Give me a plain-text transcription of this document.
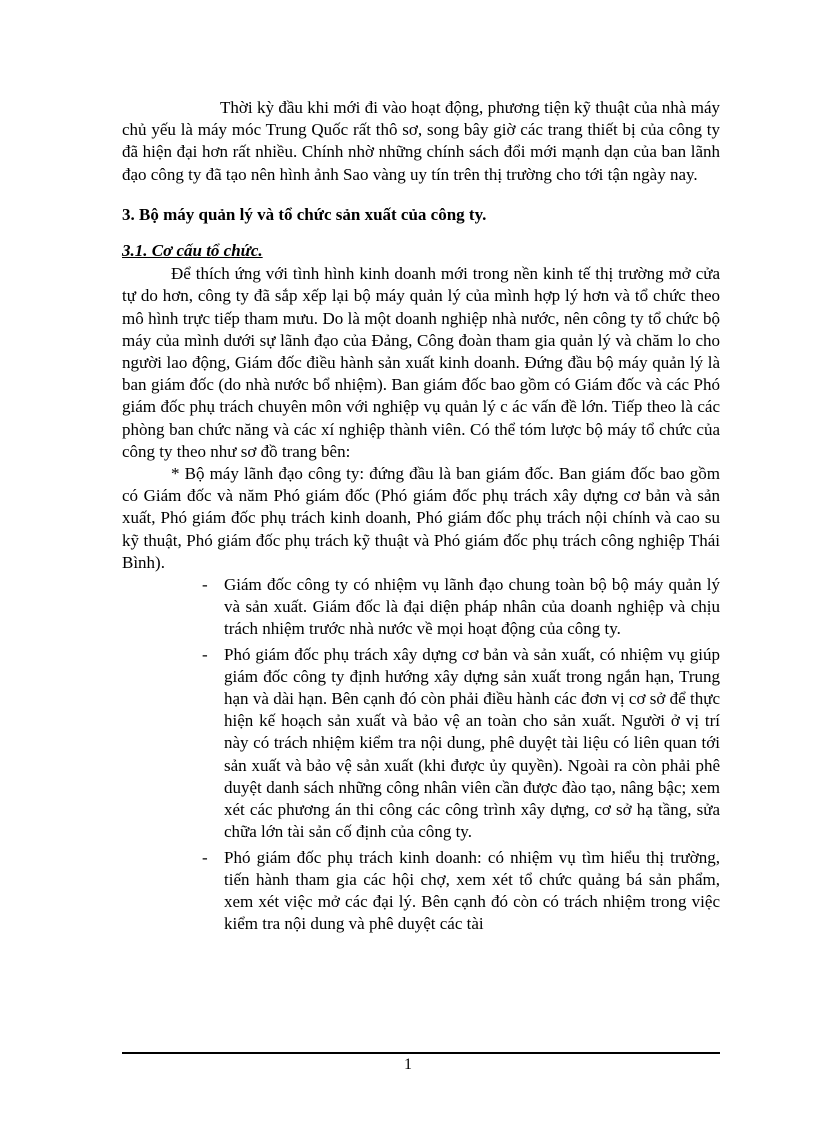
Thời kỳ đầu khi mới đi vào hoạt động, phương tiện kỹ thuật của nhà máy chủ yếu là máy móc Trung Quốc rất thô sơ, song bây giờ các trang thiết bị của công ty đã hiện đại hơn rất nhiều. Chính nhờ những chính sách đổi mới mạnh dạn của ban lãnh đạo công ty đã tạo nên hình ảnh Sao vàng uy tín trên thị trường cho tới tận ngày nay.

3. Bộ máy quản lý và tổ chức sản xuất của công ty.

3.1. Cơ cấu tổ chức.

Để thích ứng với tình hình kinh doanh mới trong nền kinh tế thị trường mở cửa tự do hơn, công ty đã sắp xếp lại bộ máy quản lý của mình hợp lý hơn và tổ chức theo mô hình trực tiếp tham mưu. Do là một doanh nghiệp nhà nước, nên công ty tổ chức bộ máy của mình dưới sự lãnh đạo của Đảng, Công đoàn tham gia quản lý và chăm lo cho người lao động, Giám đốc điều hành sản xuất kinh doanh. Đứng đầu bộ máy quản lý là ban giám đốc (do nhà nước bổ nhiệm). Ban giám đốc bao gồm có Giám đốc và các Phó giám đốc phụ trách chuyên môn với nghiệp vụ quản lý c ác vấn đề lớn. Tiếp theo là các phòng ban chức năng và các xí nghiệp thành viên. Có thể tóm lược bộ máy tổ chức của công ty theo như sơ đồ trang bên:

* Bộ máy lãnh đạo công ty: đứng đầu là ban giám đốc. Ban giám đốc bao gồm có Giám đốc và năm Phó giám đốc (Phó giám đốc phụ trách xây dựng cơ bản và sản xuất, Phó giám đốc phụ trách kinh doanh, Phó giám đốc phụ trách nội chính và cao su kỹ thuật, Phó giám đốc phụ trách kỹ thuật và Phó giám đốc phụ trách công nghiệp Thái Bình).

- Giám đốc công ty có nhiệm vụ lãnh đạo chung toàn bộ bộ máy quản lý và sản xuất. Giám đốc là đại diện pháp nhân của doanh nghiệp và chịu trách nhiệm trước nhà nước về mọi hoạt động của công ty.
- Phó giám đốc phụ trách xây dựng cơ bản và sản xuất, có nhiệm vụ giúp giám đốc công ty định hướng xây dựng sản xuất trong ngắn hạn, Trung hạn và dài hạn. Bên cạnh đó còn phải điều hành các đơn vị cơ sở để thực hiện kế hoạch sản xuất và bảo vệ an toàn cho sản xuất. Người ở vị trí này có trách nhiệm kiểm tra nội dung, phê duyệt tài liệu có liên quan tới sản xuất và bảo vệ sản xuất (khi được ủy quyền). Ngoài ra còn phải phê duyệt danh sách những công nhân viên cần được đào tạo, nâng bậc; xem xét các phương án thi công các công trình xây dựng, cơ sở hạ tầng, sửa chữa lớn tài sản cố định của công ty.
- Phó giám đốc phụ trách kinh doanh: có nhiệm vụ tìm hiểu thị trường, tiến hành tham gia các hội chợ, xem xét tổ chức quảng bá sản phẩm, xem xét việc mở các đại lý. Bên cạnh đó còn có trách nhiệm trong việc kiểm tra nội dung và phê duyệt các tài
1
